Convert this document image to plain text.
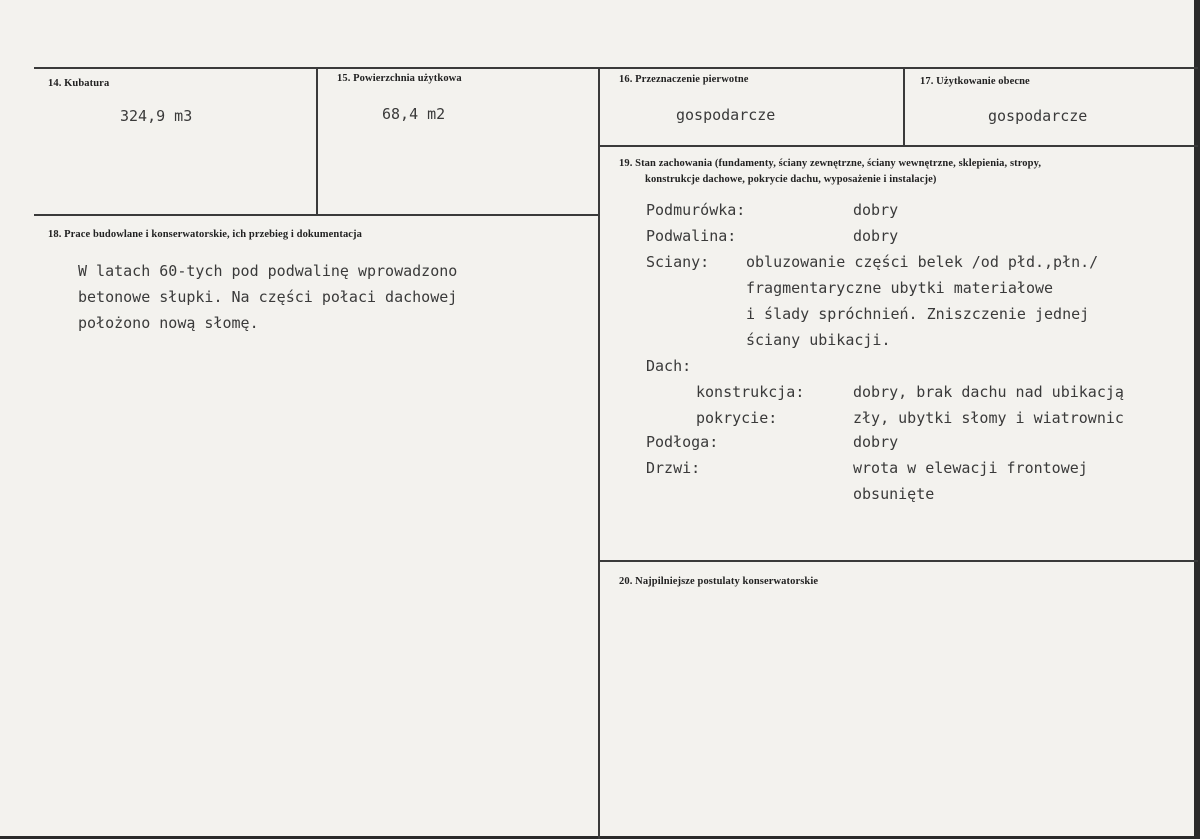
14. Kubatura
324,9 m3
15. Powierzchnia użytkowa
68,4 m2
16. Przeznaczenie pierwotne
gospodarcze
17. Użytkowanie obecne
gospodarcze
18. Prace budowlane i konserwatorskie, ich przebieg i dokumentacja
W latach 60-tych pod podwalinę wprowadzono
betonowe słupki. Na części połaci dachowej
położono nową słomę.
19. Stan zachowania (fundamenty, ściany zewnętrzne, ściany wewnętrzne, sklepienia, stropy,
konstrukcje dachowe, pokrycie dachu, wyposażenie i instalacje)
Podmurówka:	dobry
Podwalina:	dobry
Sciany: obluzowanie części belek /od płd.,płn./
fragmentaryczne ubytki materiałowe
i ślady spróchnień. Zniszczenie jednej
ściany ubikacji.
Dach:
konstrukcja:	dobry, brak dachu nad ubikacją
pokrycie:	zły, ubytki słomy i wiatrownic
Podłoga:	dobry
Drzwi:	wrota w elewacji frontowej
obsunięte
20. Najpilniejsze postulaty konserwatorskie
